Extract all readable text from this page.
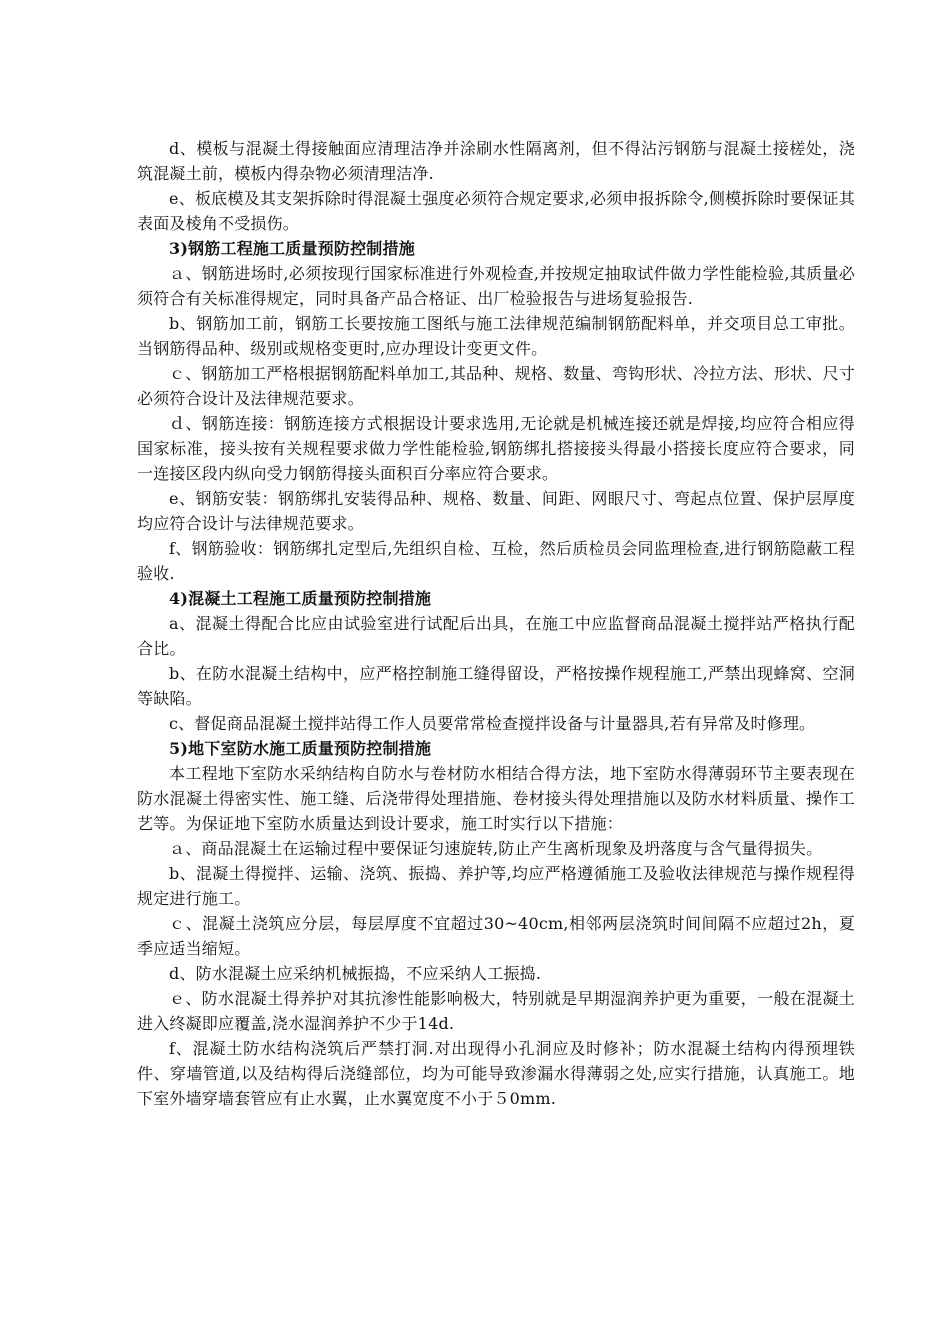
d、模板与混凝土得接触面应清理洁净并涂刷水性隔离剂，但不得沾污钢筋与混凝土接槎处，浇筑混凝土前，模板内得杂物必须清理洁净.

e、板底模及其支架拆除时得混凝土强度必须符合规定要求,必须申报拆除令,侧模拆除时要保证其表面及棱角不受损伤。

3)钢筋工程施工质量预防控制措施

ａ、钢筋进场时,必须按现行国家标准进行外观检查,并按规定抽取试件做力学性能检验,其质量必须符合有关标准得规定，同时具备产品合格证、出厂检验报告与进场复验报告.

b、钢筋加工前，钢筋工长要按施工图纸与施工法律规范编制钢筋配料单，并交项目总工审批。当钢筋得品种、级别或规格变更时,应办理设计变更文件。

ｃ、钢筋加工严格根据钢筋配料单加工,其品种、规格、数量、弯钩形状、冷拉方法、形状、尺寸必须符合设计及法律规范要求。

ｄ、钢筋连接：钢筋连接方式根据设计要求选用,无论就是机械连接还就是焊接,均应符合相应得国家标准，接头按有关规程要求做力学性能检验,钢筋绑扎搭接接头得最小搭接长度应符合要求，同一连接区段内纵向受力钢筋得接头面积百分率应符合要求。

e、钢筋安装：钢筋绑扎安装得品种、规格、数量、间距、网眼尺寸、弯起点位置、保护层厚度均应符合设计与法律规范要求。

f、钢筋验收：钢筋绑扎定型后,先组织自检、互检，然后质检员会同监理检查,进行钢筋隐蔽工程验收.

4)混凝土工程施工质量预防控制措施

a、混凝土得配合比应由试验室进行试配后出具，在施工中应监督商品混凝土搅拌站严格执行配合比。

b、在防水混凝土结构中，应严格控制施工缝得留设，严格按操作规程施工,严禁出现蜂窝、空洞等缺陷。

c、督促商品混凝土搅拌站得工作人员要常常检查搅拌设备与计量器具,若有异常及时修理。

5)地下室防水施工质量预防控制措施

本工程地下室防水采纳结构自防水与卷材防水相结合得方法，地下室防水得薄弱环节主要表现在防水混凝土得密实性、施工缝、后浇带得处理措施、卷材接头得处理措施以及防水材料质量、操作工艺等。为保证地下室防水质量达到设计要求，施工时实行以下措施：

ａ、商品混凝土在运输过程中要保证匀速旋转,防止产生离析现象及坍落度与含气量得损失。

b、混凝土得搅拌、运输、浇筑、振捣、养护等,均应严格遵循施工及验收法律规范与操作规程得规定进行施工。

ｃ、混凝土浇筑应分层，每层厚度不宜超过30~40cm,相邻两层浇筑时间间隔不应超过2h，夏季应适当缩短。

d、防水混凝土应采纳机械振捣，不应采纳人工振捣.

ｅ、防水混凝土得养护对其抗渗性能影响极大，特别就是早期湿润养护更为重要，一般在混凝土进入终凝即应覆盖,浇水湿润养护不少于14d.

f、混凝土防水结构浇筑后严禁打洞.对出现得小孔洞应及时修补；防水混凝土结构内得预埋铁件、穿墙管道,以及结构得后浇缝部位，均为可能导致渗漏水得薄弱之处,应实行措施，认真施工。地下室外墙穿墙套管应有止水翼，止水翼宽度不小于５0mm.
